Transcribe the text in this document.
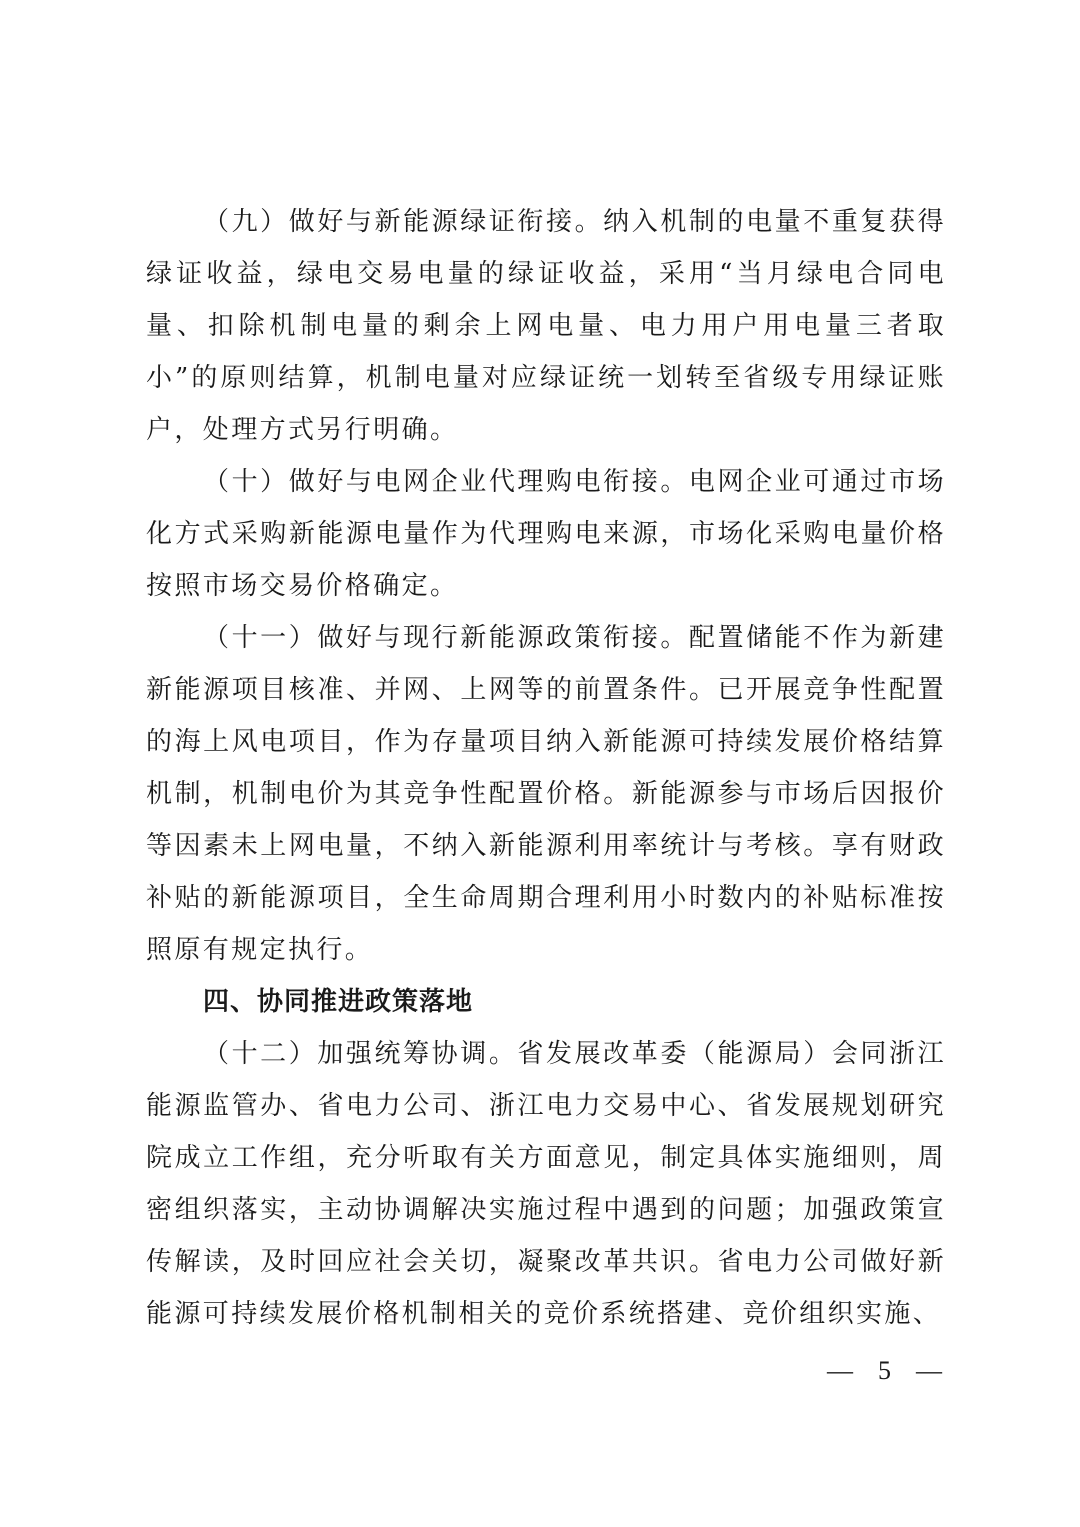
（九）做好与新能源绿证衔接。纳入机制的电量不重复获得绿证收益，绿电交易电量的绿证收益，采用“当月绿电合同电量、扣除机制电量的剩余上网电量、电力用户用电量三者取小”的原则结算，机制电量对应绿证统一划转至省级专用绿证账户，处理方式另行明确。

（十）做好与电网企业代理购电衔接。电网企业可通过市场化方式采购新能源电量作为代理购电来源，市场化采购电量价格按照市场交易价格确定。

（十一）做好与现行新能源政策衔接。配置储能不作为新建新能源项目核准、并网、上网等的前置条件。已开展竞争性配置的海上风电项目，作为存量项目纳入新能源可持续发展价格结算机制，机制电价为其竞争性配置价格。新能源参与市场后因报价等因素未上网电量，不纳入新能源利用率统计与考核。享有财政补贴的新能源项目，全生命周期合理利用小时数内的补贴标准按照原有规定执行。

四、协同推进政策落地

（十二）加强统筹协调。省发展改革委（能源局）会同浙江能源监管办、省电力公司、浙江电力交易中心、省发展规划研究院成立工作组，充分听取有关方面意见，制定具体实施细则，周密组织落实，主动协调解决实施过程中遇到的问题；加强政策宣传解读，及时回应社会关切，凝聚改革共识。省电力公司做好新能源可持续发展价格机制相关的竞价系统搭建、竞价组织实施、

—  5  —
